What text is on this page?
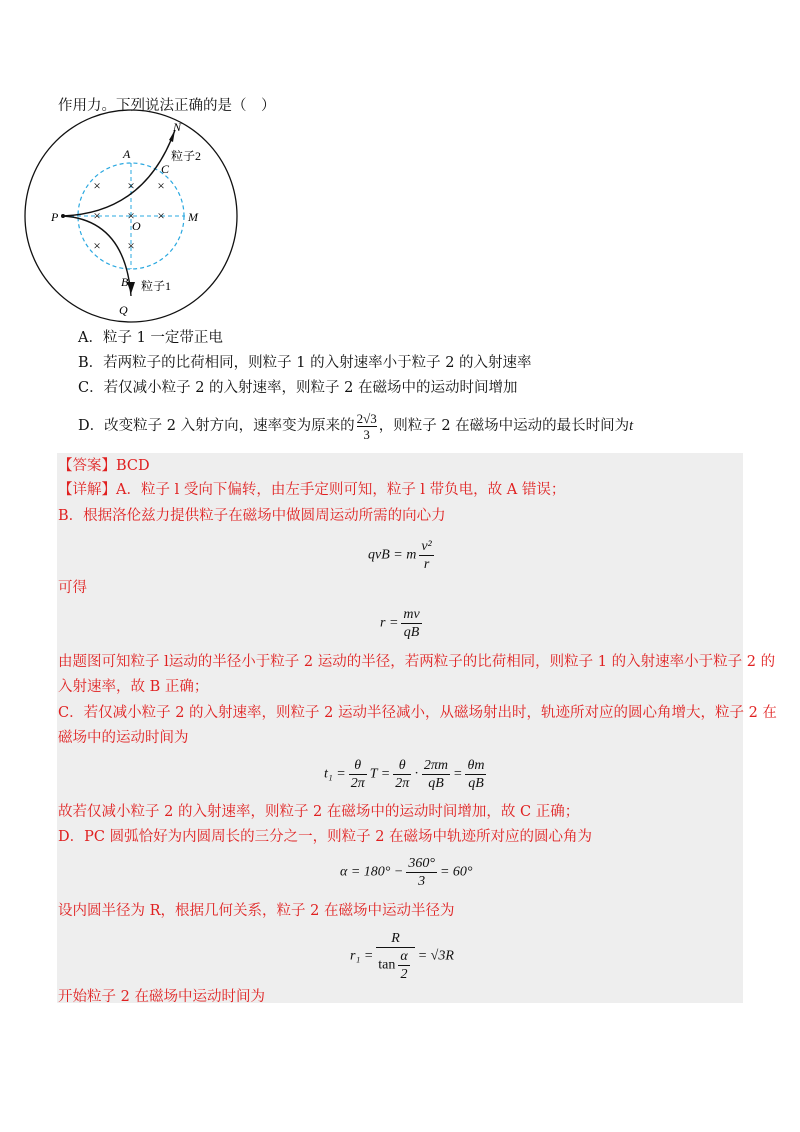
作用力。下列说法正确的是（　）
× × ×
× × ×
× ×
N
A	粒子2
C
P	M
O
B 粒子1
Q
A．粒子 1 一定带正电
B．若两粒子的比荷相同，则粒子 1 的入射速率小于粒子 2 的入射速率
C．若仅减小粒子 2 的入射速率，则粒子 2 在磁场中的运动时间增加
D．改变粒子 2 入射方向，速率变为原来的 $\frac{2√3}{3}$ ，则粒子 2 在磁场中运动的最长时间为t
【答案】BCD
【详解】A．粒子 l 受向下偏转，由左手定则可知，粒子 l 带负电，故 A 错误；
B．根据洛伦兹力提供粒子在磁场中做圆周运动所需的向心力
qvB = m $\frac{\text{v²}}{r}$
可得
$r = \frac{mv}{qB}$
由题图可知粒子 l运动的半径小于粒子 2 运动的半径，若两粒子的比荷相同，则粒子 1 的入射速率小于粒子 2 的
入射速率，故 B 正确；
C．若仅减小粒子 2 的入射速率，则粒子 2 运动半径减小，从磁场射出时，轨迹所对应的圆心角增大，粒子 2 在
磁场中的运动时间为
$t_1 = \frac{\theta}{2\pi}$ $T = \frac{\theta}{2\pi} \cdot \frac{2\pi m}{qB} = \frac{\theta m}{qB}$
故若仅减小粒子 2 的入射速率，则粒子 2 在磁场中的运动时间增加，故 C 正确；
D．PC 圆弧恰好为内圆周长的三分之一，则粒子 2 在磁场中轨迹所对应的圆心角为
$\alpha = 180^\circ - \frac{360^\circ}{3} = 60^\circ$
设内圆半径为 R，根据几何关系，粒子 2 在磁场中运动半径为
$r_1 = \frac{R}{\tan \frac{\alpha}{2}} = √3R$
开始粒子 2 在磁场中运动时间为
